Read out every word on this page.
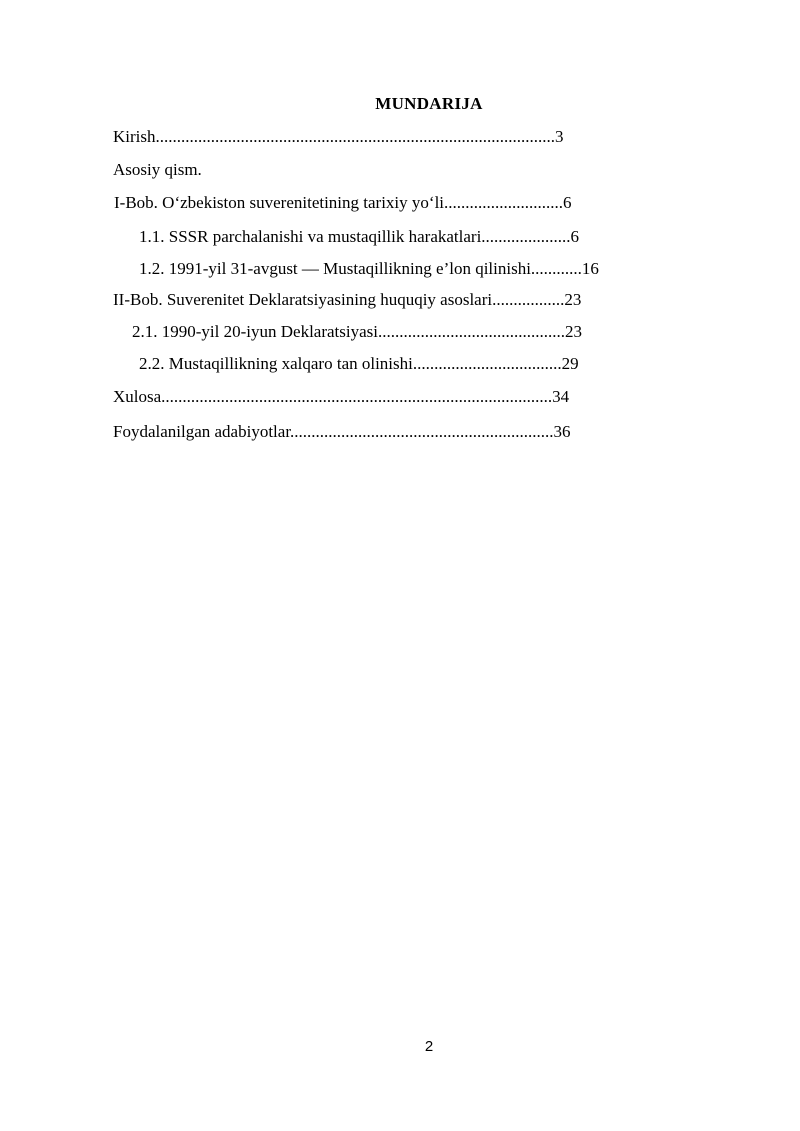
MUNDARIJA

Kirish..............................................................................................3

Asosiy qism.

I-Bob. O‘zbekiston suverenitetining tarixiy yo‘li............................6

1.1. SSSR parchalanishi va mustaqillik harakatlari.....................6

1.2. 1991-yil 31-avgust — Mustaqillikning e’lon qilinishi............16

II-Bob. Suverenitet Deklaratsiyasining huquqiy asoslari.................23

2.1. 1990-yil 20-iyun Deklaratsiyasi............................................23

2.2. Mustaqillikning xalqaro tan olinishi...................................29

Xulosa............................................................................................34

Foydalanilgan adabiyotlar..............................................................36

2
